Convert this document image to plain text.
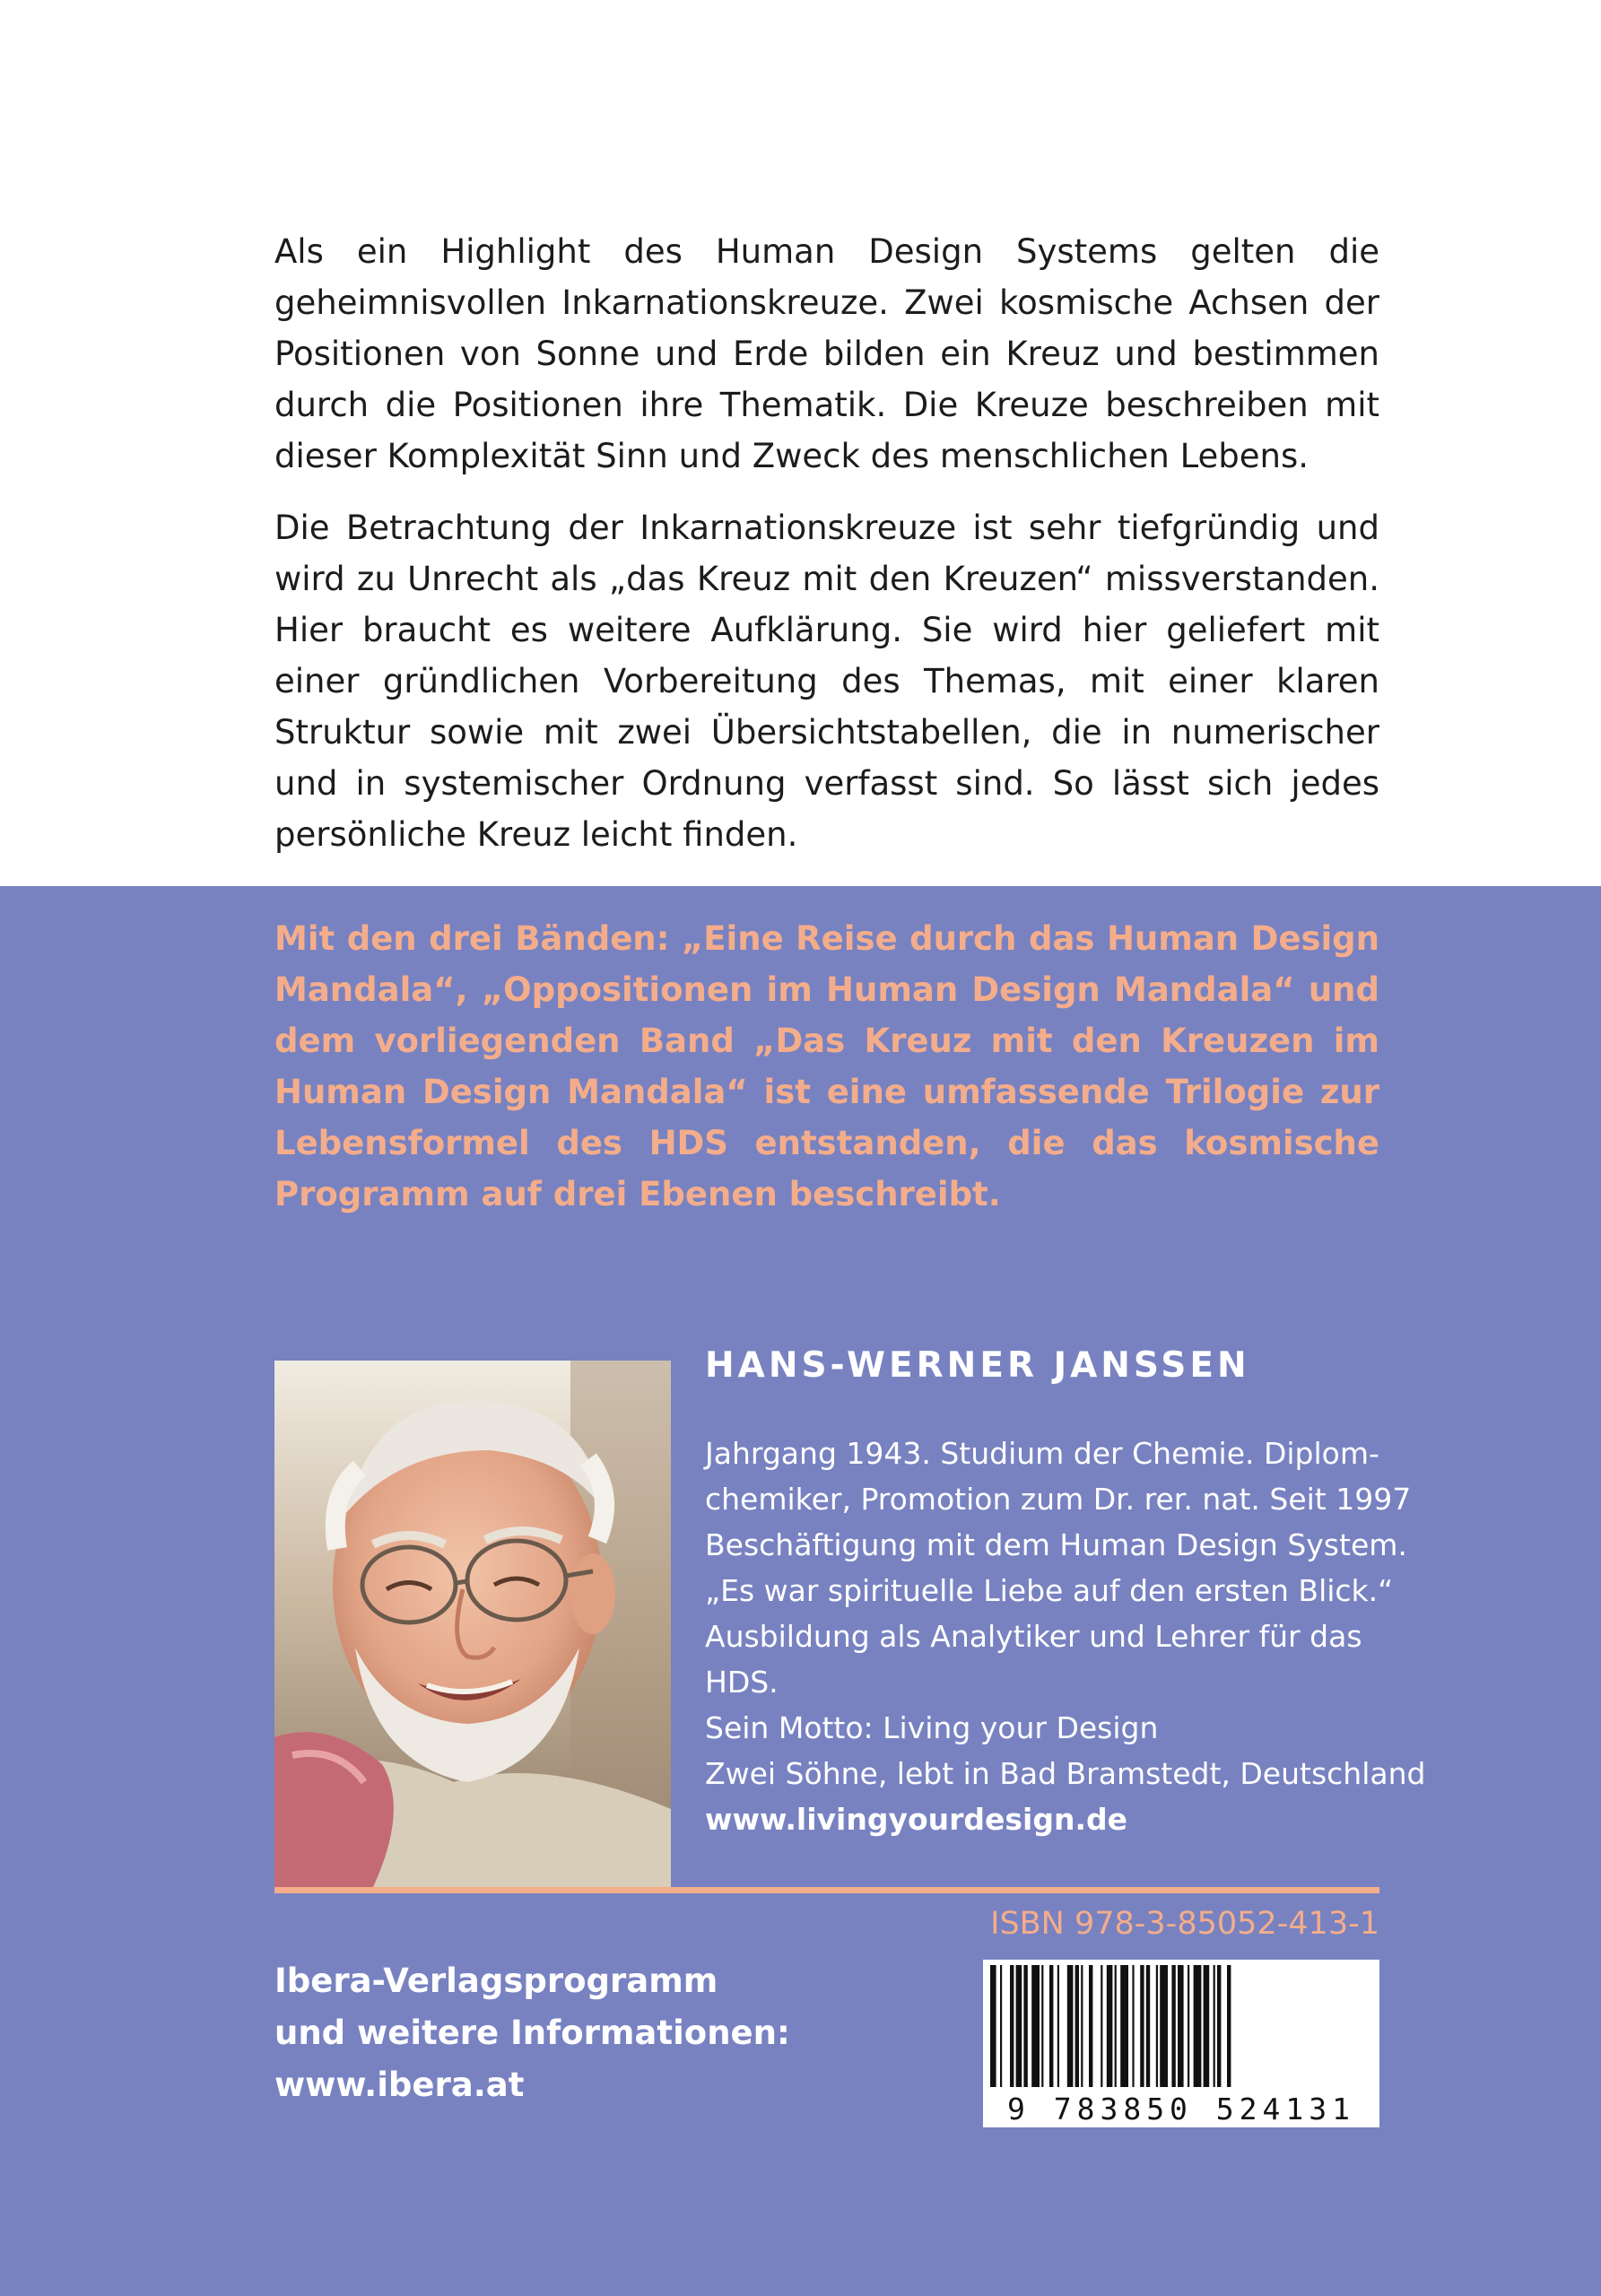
Als ein Highlight des Human Design Systems gelten die geheimnisvollen Inkarnationskreuze. Zwei kosmische Achsen der Positionen von Sonne und Erde bilden ein Kreuz und bestimmen durch die Positionen ihre Thematik. Die Kreuze beschreiben mit dieser Komplexität Sinn und Zweck des menschlichen Lebens.

Die Betrachtung der Inkarnationskreuze ist sehr tiefgründig und wird zu Unrecht als „das Kreuz mit den Kreuzen“ missverstanden. Hier braucht es weitere Aufklärung. Sie wird hier geliefert mit einer gründlichen Vorbereitung des Themas, mit einer klaren Struktur sowie mit zwei Übersichtstabellen, die in numerischer und in systemischer Ordnung verfasst sind. So lässt sich jedes persönliche Kreuz leicht finden.

Mit den drei Bänden: „Eine Reise durch das Human Design Mandala“, „Oppositionen im Human Design Mandala“ und dem vorliegenden Band „Das Kreuz mit den Kreuzen im Human Design Mandala“ ist eine umfassende Trilogie zur Lebensformel des HDS entstanden, die das kosmische Programm auf drei Ebenen beschreibt.

HANS-WERNER JANSSEN
Jahrgang 1943. Studium der Chemie. Diplom-
chemiker, Promotion zum Dr. rer. nat. Seit 1997
Beschäftigung mit dem Human Design System.
„Es war spirituelle Liebe auf den ersten Blick.“
Ausbildung als Analytiker und Lehrer für das
HDS.
Sein Motto: Living your Design
Zwei Söhne, lebt in Bad Bramstedt, Deutschland
www.livingyourdesign.de
ISBN 978-3-85052-413-1
9 783850 524131
Ibera-Verlagsprogramm
und weitere Informationen:
www.ibera.at
